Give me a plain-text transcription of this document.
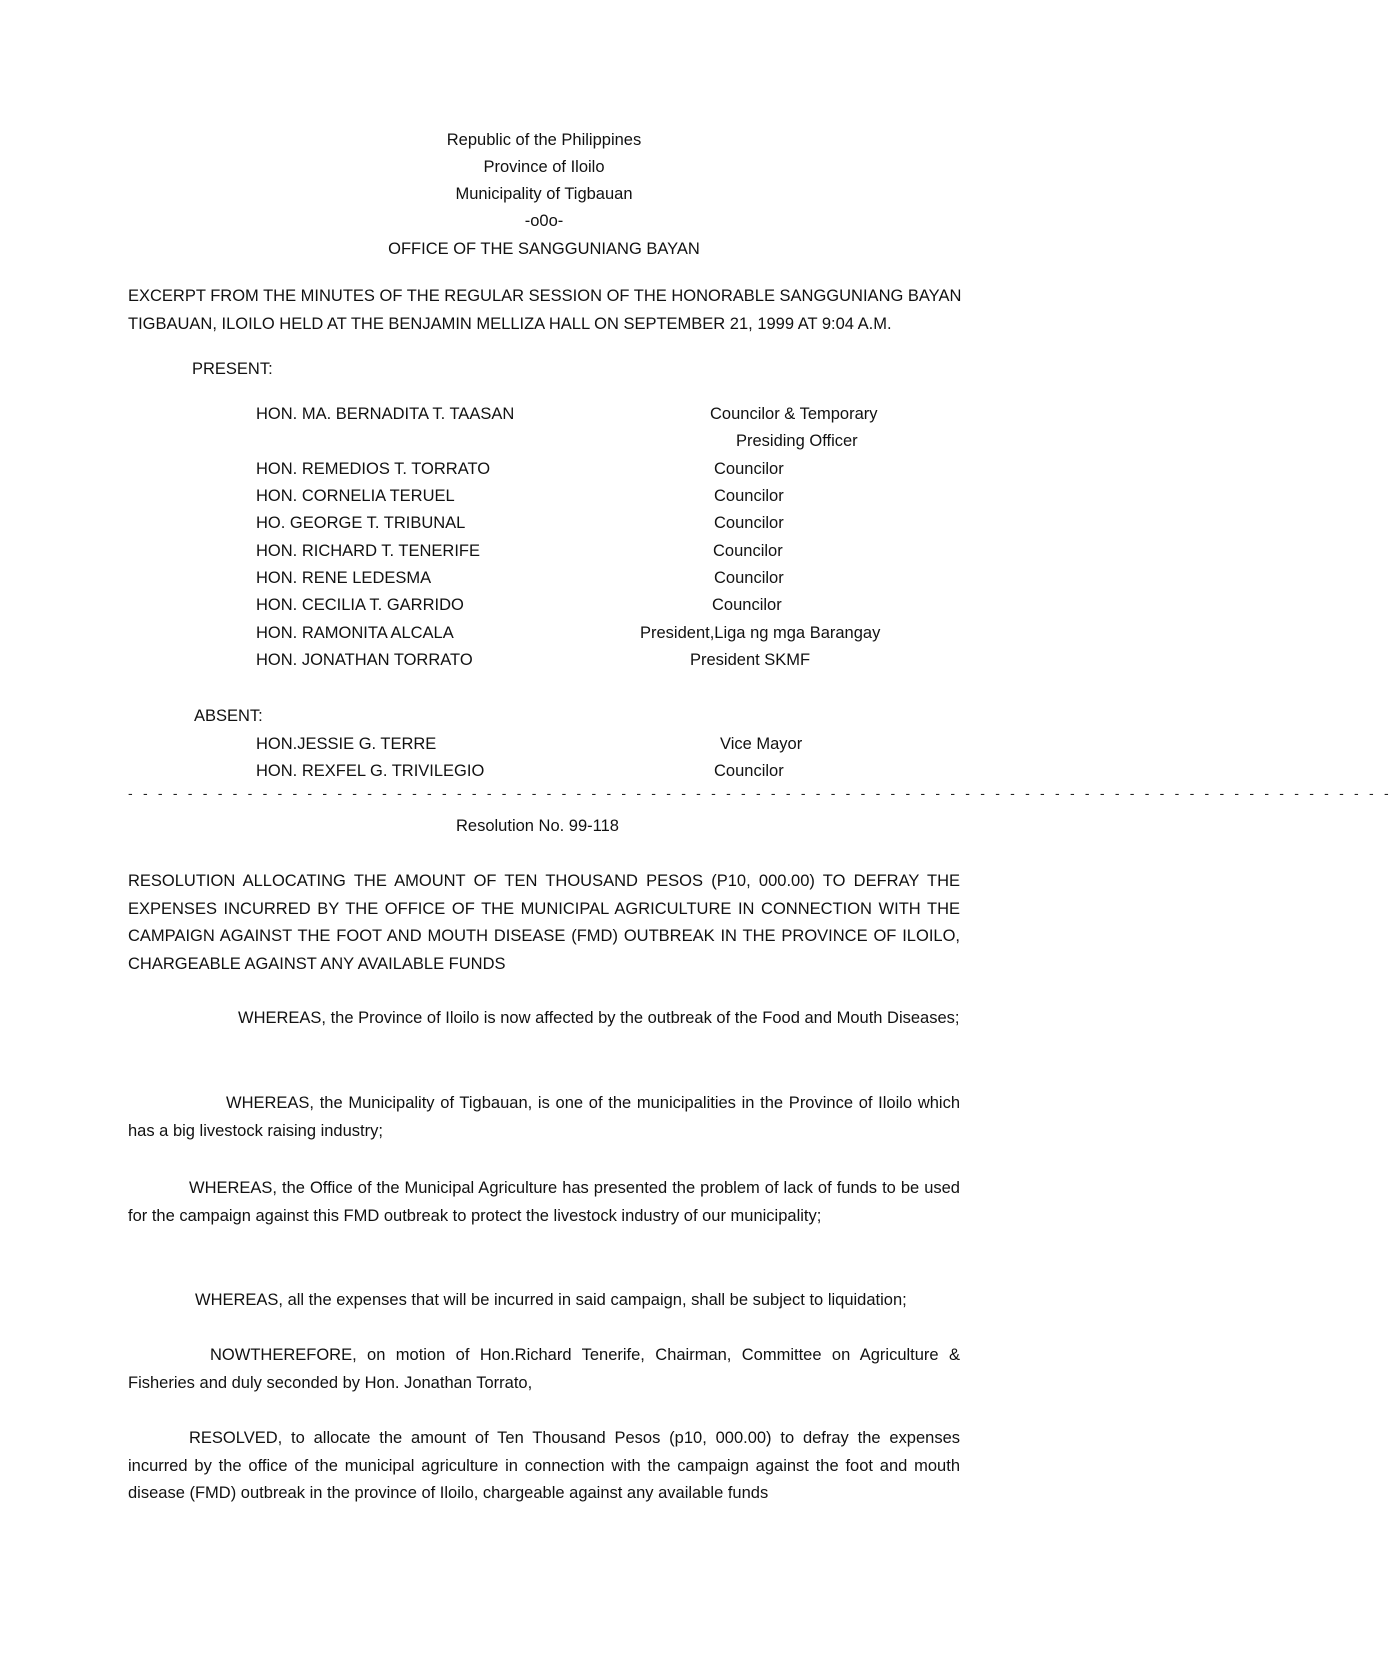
Republic of the Philippines
Province of Iloilo
Municipality of Tigbauan
-o0o-
OFFICE OF THE SANGGUNIANG BAYAN
EXCERPT FROM THE MINUTES OF THE REGULAR SESSION OF THE HONORABLE SANGGUNIANG BAYAN
TIGBAUAN, ILOILO HELD AT THE BENJAMIN MELLIZA HALL ON SEPTEMBER 21, 1999 AT 9:04 A.M.
PRESENT:
HON. MA. BERNADITA T. TAASAN	Councilor & Temporary
Presiding Officer
HON. REMEDIOS T. TORRATO	Councilor
HON. CORNELIA TERUEL	Councilor
HO. GEORGE T. TRIBUNAL	Councilor
HON. RICHARD T. TENERIFE	Councilor
HON. RENE LEDESMA	Councilor
HON. CECILIA T. GARRIDO	Councilor
HON. RAMONITA ALCALA	President,Liga ng mga Barangay
HON. JONATHAN TORRATO	President SKMF
ABSENT:
HON.JESSIE G. TERRE	Vice Mayor
HON. REXFEL G. TRIVILEGIO	Councilor
- - - - - - - - - - - - - - - - - - - - - - - - - - - - - - - - - - - - - - - - - - - - - - - - - - - - - - - - - - - - - - - - - - - - - - - - - - - - - - - - - - - - -
Resolution No. 99-118
RESOLUTION ALLOCATING THE AMOUNT OF TEN THOUSAND PESOS (P10, 000.00) TO DEFRAY THE EXPENSES INCURRED BY THE OFFICE OF THE MUNICIPAL AGRICULTURE IN CONNECTION WITH THE CAMPAIGN AGAINST THE FOOT AND MOUTH DISEASE (FMD) OUTBREAK IN THE PROVINCE OF ILOILO, CHARGEABLE AGAINST ANY AVAILABLE FUNDS
WHEREAS, the Province of Iloilo is now affected by the outbreak of the Food and Mouth Diseases;
WHEREAS, the Municipality of Tigbauan, is one of the municipalities in the Province of Iloilo which has a big livestock raising industry;
WHEREAS, the Office of the Municipal Agriculture has presented the problem of lack of funds to be used for the campaign against this FMD outbreak to protect the livestock industry of our municipality;
WHEREAS, all the expenses that will be incurred in said campaign, shall be subject to liquidation;
NOWTHEREFORE, on motion of Hon.Richard Tenerife, Chairman, Committee on Agriculture & Fisheries and duly seconded by Hon. Jonathan Torrato,
RESOLVED, to allocate the amount of Ten Thousand Pesos (p10, 000.00) to defray the expenses incurred by the office of the municipal agriculture in connection with the campaign against the foot and mouth disease (FMD) outbreak in the province of Iloilo, chargeable against any available funds
